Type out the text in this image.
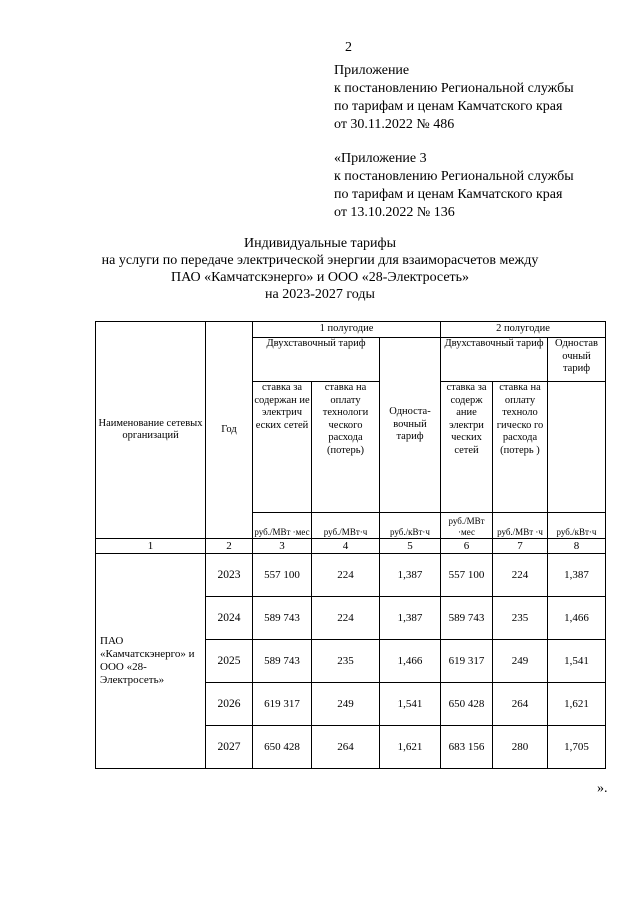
2
Приложение
к постановлению Региональной службы
по тарифам и ценам Камчатского края
от 30.11.2022 № 486
«Приложение 3
к постановлению Региональной службы
по тарифам и ценам Камчатского края
от 13.10.2022 № 136
Индивидуальные тарифы
на услуги по передаче электрической энергии для взаиморасчетов между
ПАО «Камчатскэнерго» и ООО «28-Электросеть»
на 2023-2027 годы
Наименование сетевых организаций	Год	1 полугодие			2 полугодие		
		Двухставочный тариф		Односта-вочный тариф	Двухставочный тариф		Одностав очный тариф
		ставка за содержан ие электрич еских сетей	ставка на оплату технологи ческого расхода (потерь)		ставка за содерж ание электри ческих сетей	ставка на оплату техноло гическо го расхода (потерь )	
		руб./МВт ·мес	руб./МВт·ч	руб./кВт·ч	руб./МВт ·мес	руб./МВт ·ч	руб./кВт·ч
1	2	3	4	5	6	7	8
ПАО «Камчатскэнерго» и ООО «28-Электросеть»	2023	557 100	224	1,387	557 100	224	1,387
	2024	589 743	224	1,387	589 743	235	1,466
	2025	589 743	235	1,466	619 317	249	1,541
	2026	619 317	249	1,541	650 428	264	1,621
	2027	650 428	264	1,621	683 156	280	1,705
».
